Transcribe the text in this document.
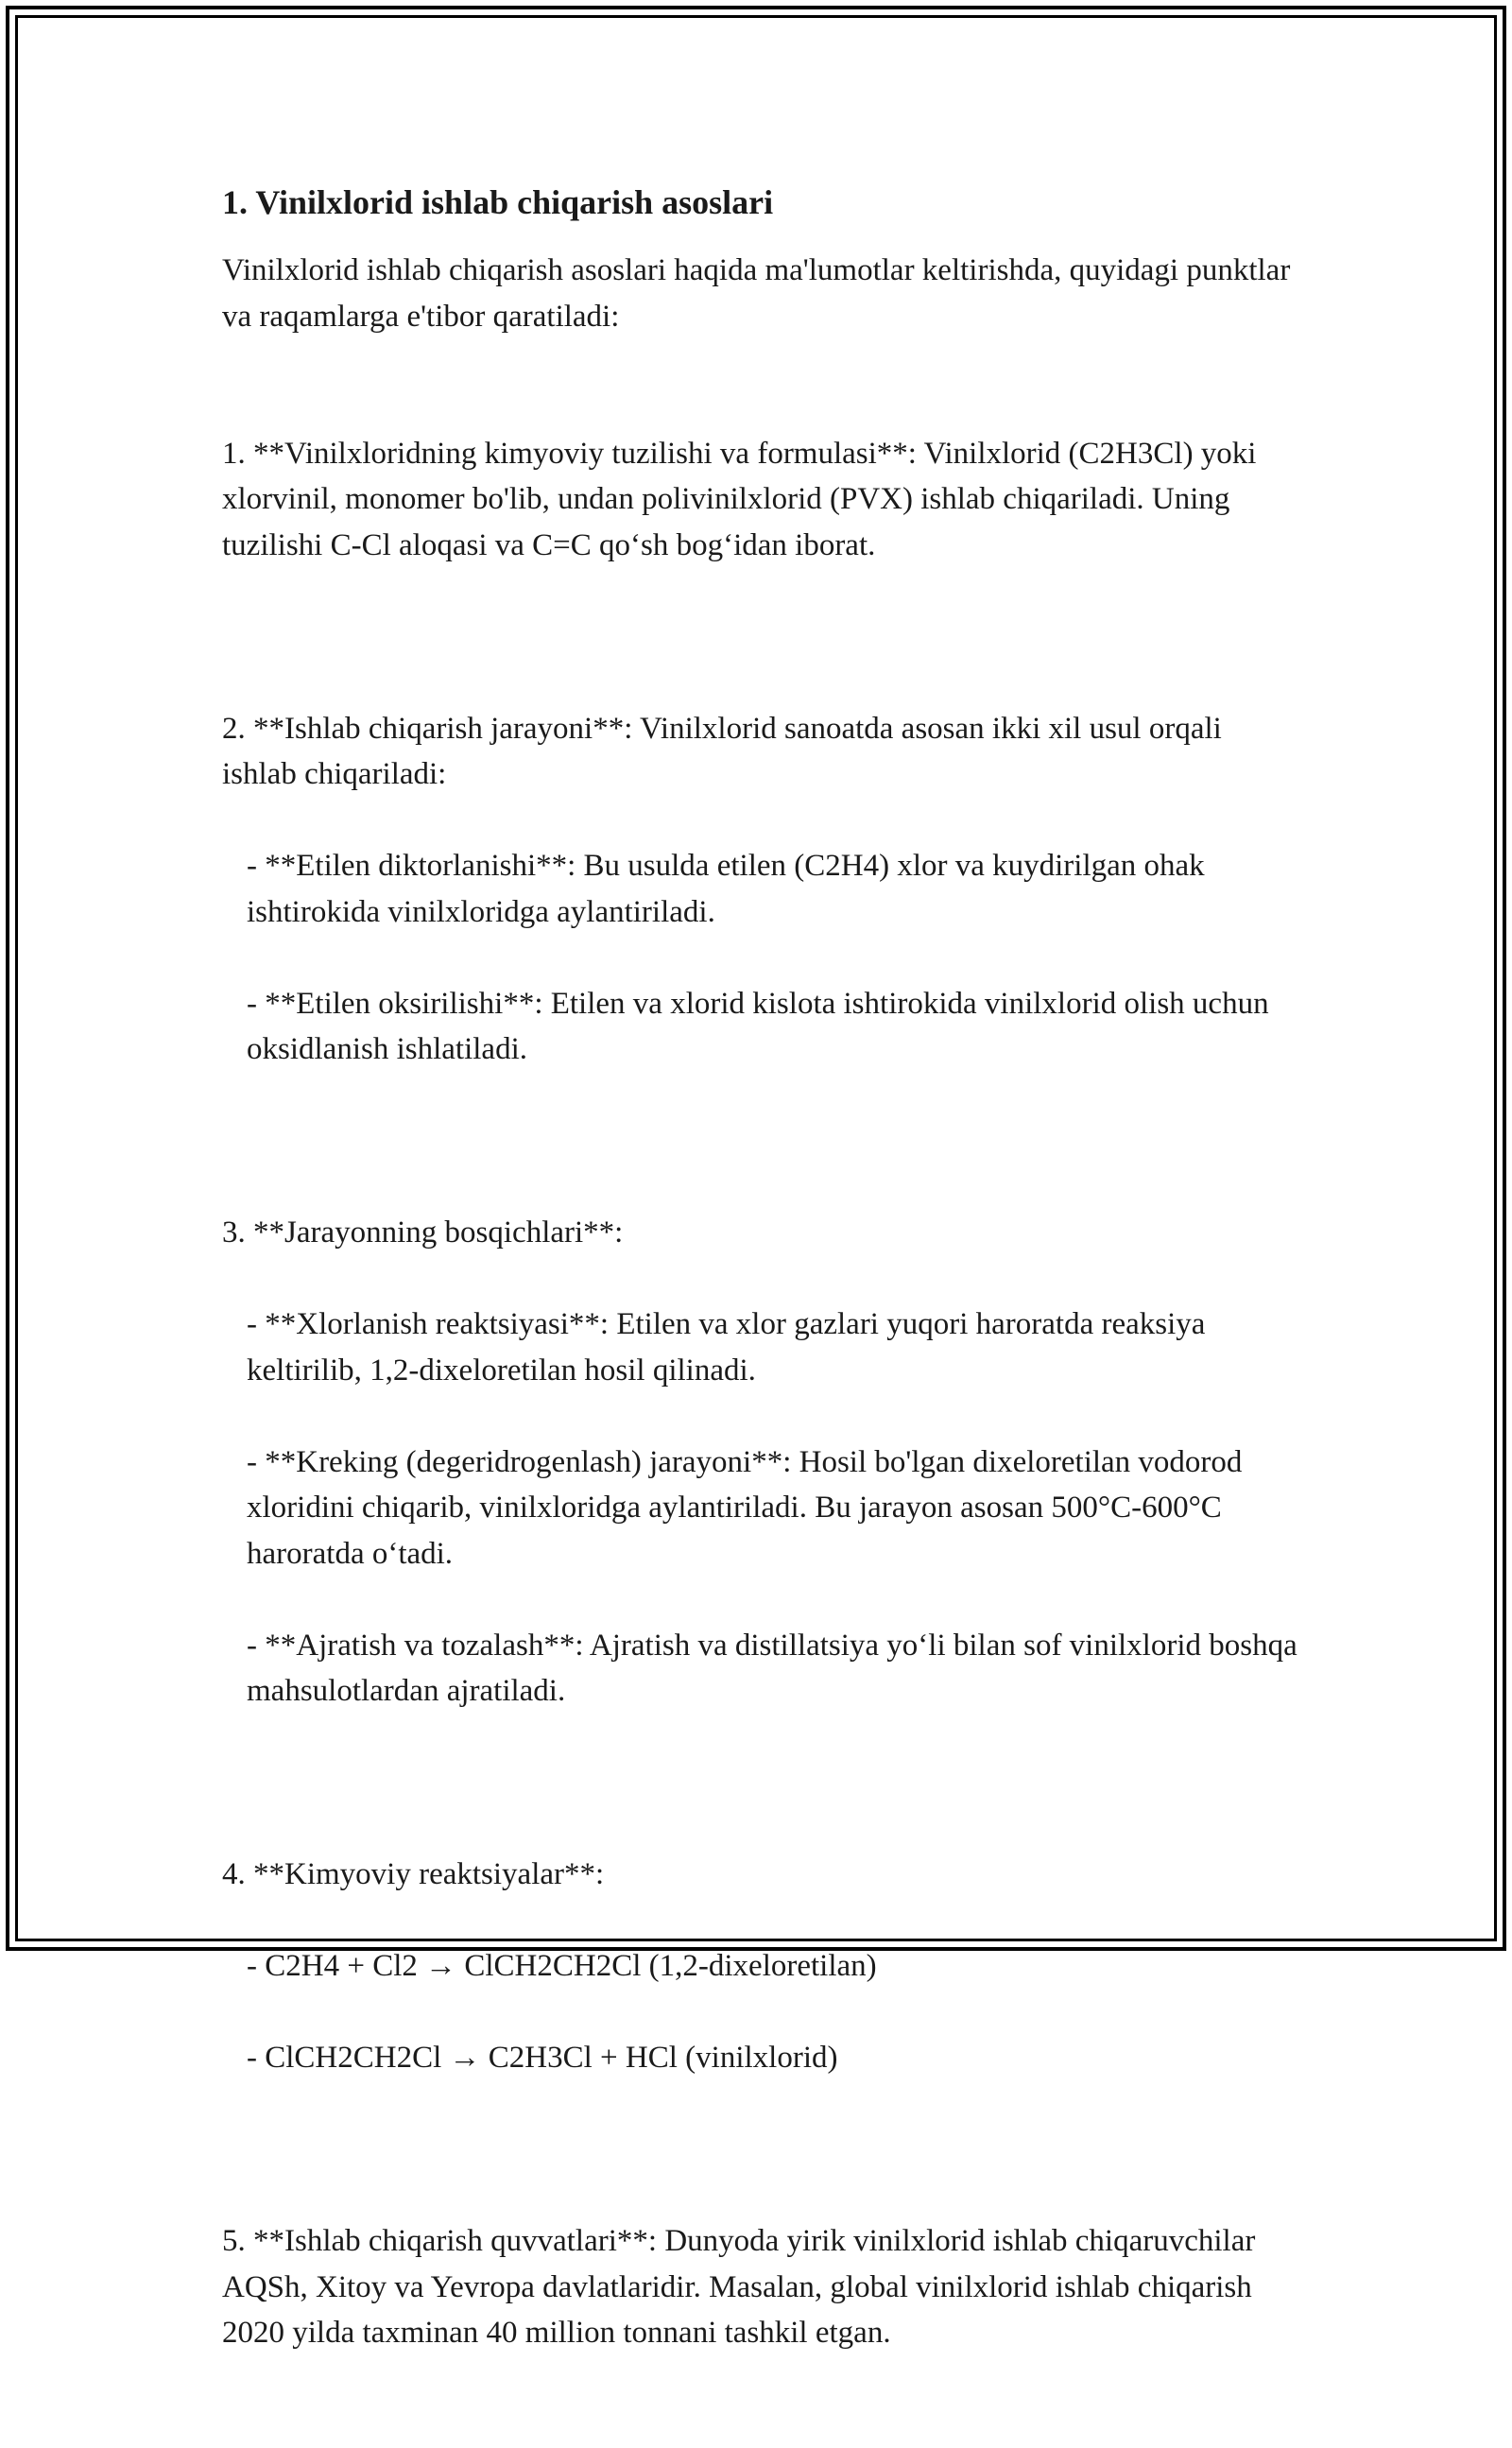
1. Vinilxlorid ishlab chiqarish asoslari

Vinilxlorid ishlab chiqarish asoslari haqida ma'lumotlar keltirishda, quyidagi punktlar va raqamlarga e'tibor qaratiladi:

1. **Vinilxloridning kimyoviy tuzilishi va formulasi**: Vinilxlorid (C2H3Cl) yoki xlorvinil, monomer bo'lib, undan polivinilxlorid (PVX) ishlab chiqariladi. Uning tuzilishi C-Cl aloqasi va C=C qo‘sh bog‘idan iborat.

2. **Ishlab chiqarish jarayoni**: Vinilxlorid sanoatda asosan ikki xil usul orqali ishlab chiqariladi:

- **Etilen diktorlanishi**: Bu usulda etilen (C2H4) xlor va kuydirilgan ohak ishtirokida vinilxloridga aylantiriladi.

- **Etilen oksirilishi**: Etilen va xlorid kislota ishtirokida vinilxlorid olish uchun oksidlanish ishlatiladi.

3. **Jarayonning bosqichlari**:

- **Xlorlanish reaktsiyasi**: Etilen va xlor gazlari yuqori haroratda reaksiya keltirilib, 1,2-dixeloretilan hosil qilinadi.

- **Kreking (degeridrogenlash) jarayoni**: Hosil bo'lgan dixeloretilan vodorod xloridini chiqarib, vinilxloridga aylantiriladi. Bu jarayon asosan 500°C-600°C haroratda o‘tadi.

- **Ajratish va tozalash**: Ajratish va distillatsiya yo‘li bilan sof vinilxlorid boshqa mahsulotlardan ajratiladi.

4. **Kimyoviy reaktsiyalar**:

- C2H4 + Cl2 → ClCH2CH2Cl (1,2-dixeloretilan)

- ClCH2CH2Cl → C2H3Cl + HCl (vinilxlorid)

5. **Ishlab chiqarish quvvatlari**: Dunyoda yirik vinilxlorid ishlab chiqaruvchilar AQSh, Xitoy va Yevropa davlatlaridir. Masalan, global vinilxlorid ishlab chiqarish 2020 yilda taxminan 40 million tonnani tashkil etgan.
